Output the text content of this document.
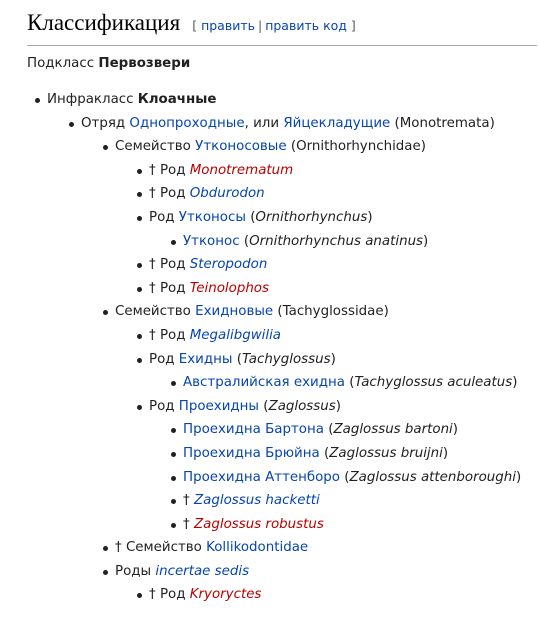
Классификация [ править | править код ]

Подкласс Первозвери

Инфракласс Клоачные
Отряд Однопроходные, или Яйцекладущие (Monotremata)
Семейство Утконосовые (Ornithorhynchidae)
† Род Monotrematum
† Род Obdurodon
Род Утконосы (Ornithorhynchus)
Утконос (Ornithorhynchus anatinus)
† Род Steropodon
† Род Teinolophos
Семейство Ехидновые (Tachyglossidae)
† Род Megalibgwilia
Род Ехидны (Tachyglossus)
Австралийская ехидна (Tachyglossus aculeatus)
Род Проехидны (Zaglossus)
Проехидна Бартона (Zaglossus bartoni)
Проехидна Брюйна (Zaglossus bruijni)
Проехидна Аттенборо (Zaglossus attenboroughi)
† Zaglossus hacketti
† Zaglossus robustus
† Семейство Kollikodontidae
Роды incertae sedis
† Род Kryoryctes
